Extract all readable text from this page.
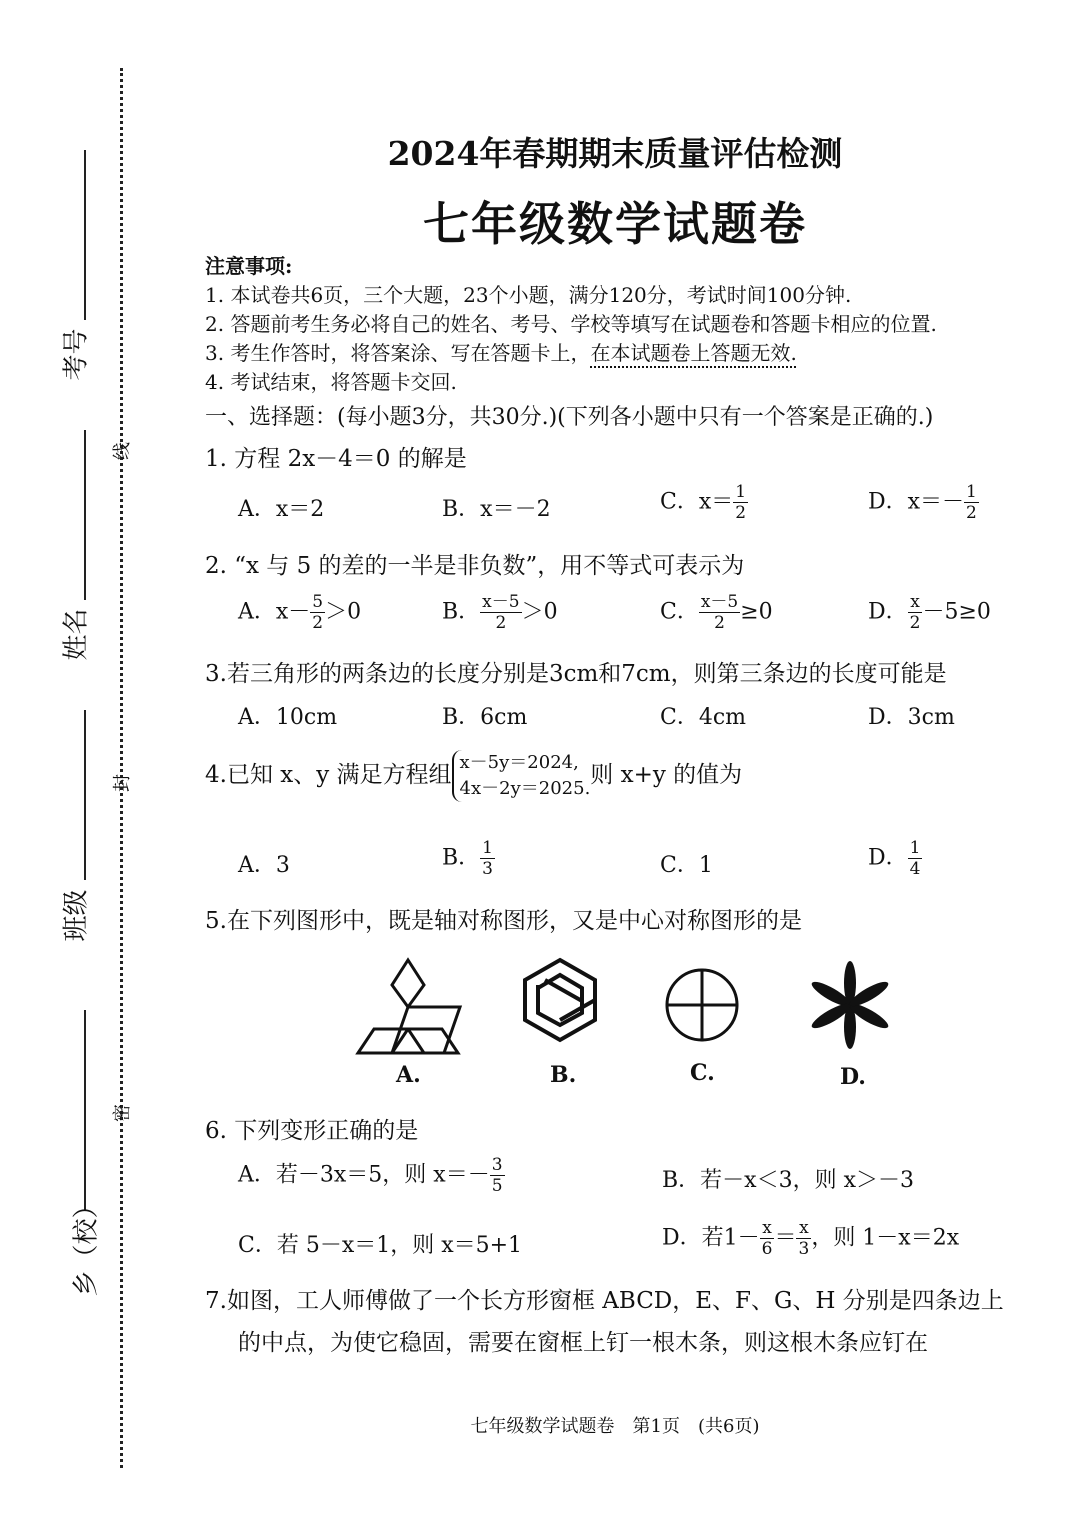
考号
姓名
班级
乡（校）
线
封
密
2024年春期期末质量评估检测
七年级数学试题卷
注意事项:
1. 本试卷共6页，三个大题，23个小题，满分120分，考试时间100分钟.
2. 答题前考生务必将自己的姓名、考号、学校等填写在试题卷和答题卡相应的位置.
3. 考生作答时，将答案涂、写在答题卡上，在本试题卷上答题无效.
4. 考试结束，将答题卡交回.
一、选择题：(每小题3分，共30分.)(下列各小题中只有一个答案是正确的.)
1. 方程 2x－4＝0 的解是
A．x＝2	B．x＝－2	C．$x= \frac{1}{2}$	D．$x=- \frac{1}{2}$
2. “x 与 5 的差的一半是非负数”，用不等式可表示为
A．$x- \frac{5}{2} >0$	B． $\frac{x-5}{2} >0$	C． $\frac{x-5}{2} \ge 0$	D． $\frac{x}{2} -5\ge 0$
3.若三角形的两条边的长度分别是3cm和7cm，则第三条边的长度可能是
A．10cm	B．6cm	C．4cm	D．3cm
4.已知 x、y 满足方程组 x－5y＝2024,
4x－2y＝2025.
则 x+y 的值为
A．3	B． $\frac{1}{3}$	C．1	D． $\frac{1}{4}$
5.在下列图形中，既是轴对称图形，又是中心对称图形的是
A.	B.	C.	D.
6. 下列变形正确的是
A．若－3x＝5，则 $x=- \frac{3}{5}$	B．若－x＜3，则 x＞－3
C．若 5－x＝1，则 x＝5+1	D．若$1- \frac{x}{6} = \frac{x}{3}$ ，则 1－x＝2x
7.如图，工人师傅做了一个长方形窗框 ABCD，E、F、G、H 分别是四条边上
的中点，为使它稳固，需要在窗框上钉一根木条，则这根木条应钉在
七年级数学试题卷　第1页　(共6页)
